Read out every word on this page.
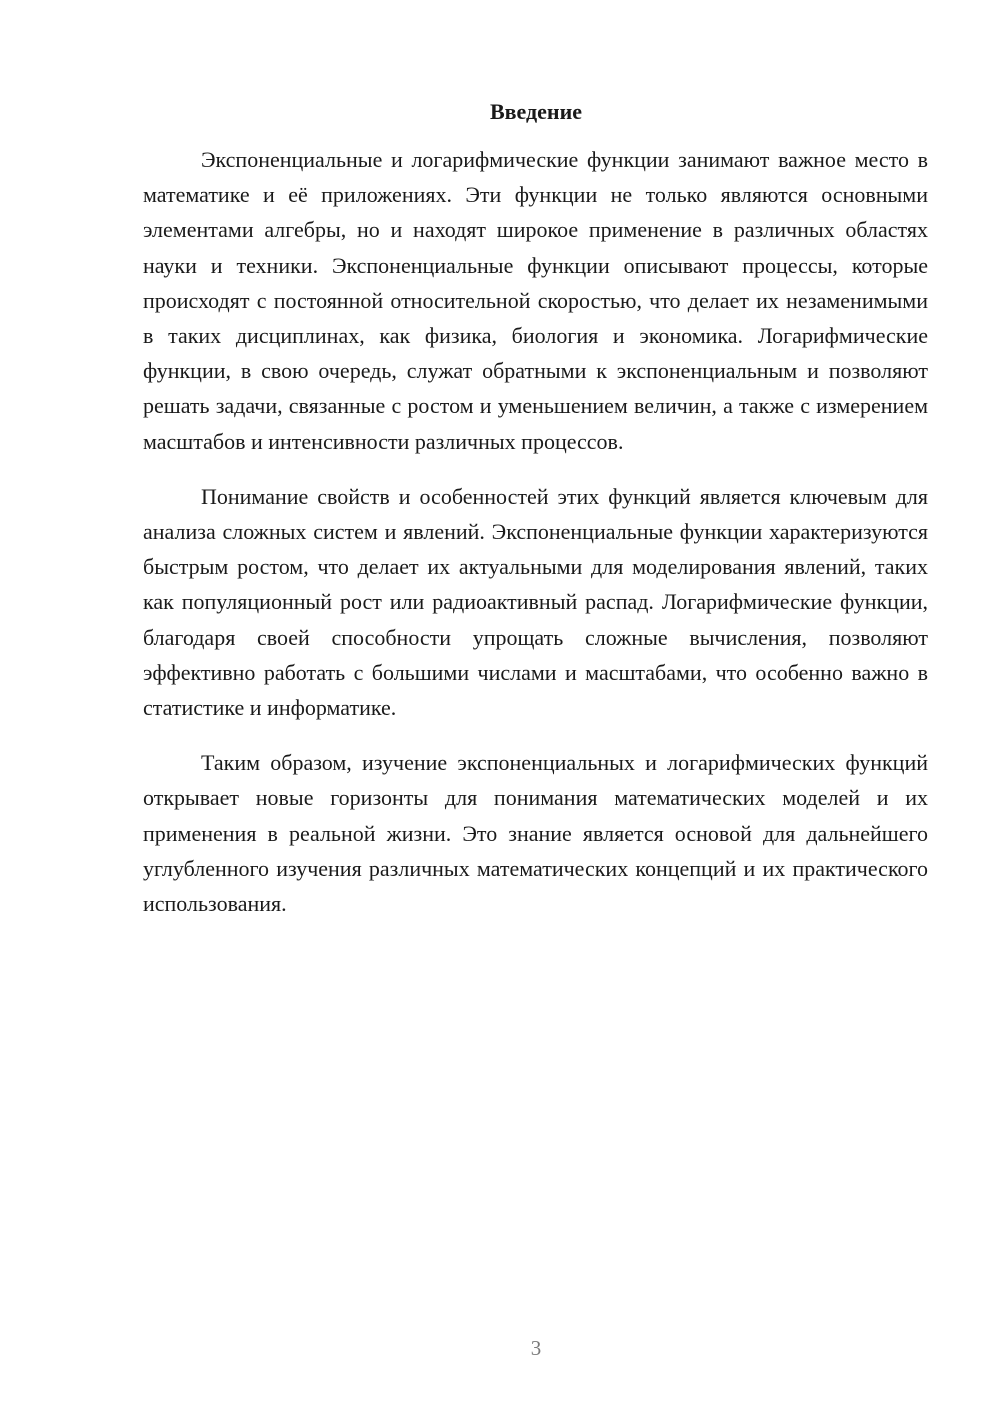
Введение

Экспоненциальные и логарифмические функции занимают важное место в математике и её приложениях. Эти функции не только являются основными элементами алгебры, но и находят широкое применение в различных областях науки и техники. Экспоненциальные функции описывают процессы, которые происходят с постоянной относительной скоростью, что делает их незаменимыми в таких дисциплинах, как физика, биология и экономика. Логарифмические функции, в свою очередь, служат обратными к экспоненциальным и позволяют решать задачи, связанные с ростом и уменьшением величин, а также с измерением масштабов и интенсивности различных процессов.

Понимание свойств и особенностей этих функций является ключевым для анализа сложных систем и явлений. Экспоненциальные функции характеризуются быстрым ростом, что делает их актуальными для моделирования явлений, таких как популяционный рост или радиоактивный распад. Логарифмические функции, благодаря своей способности упрощать сложные вычисления, позволяют эффективно работать с большими числами и масштабами, что особенно важно в статистике и информатике.

Таким образом, изучение экспоненциальных и логарифмических функций открывает новые горизонты для понимания математических моделей и их применения в реальной жизни. Это знание является основой для дальнейшего углубленного изучения различных математических концепций и их практического использования.

3
